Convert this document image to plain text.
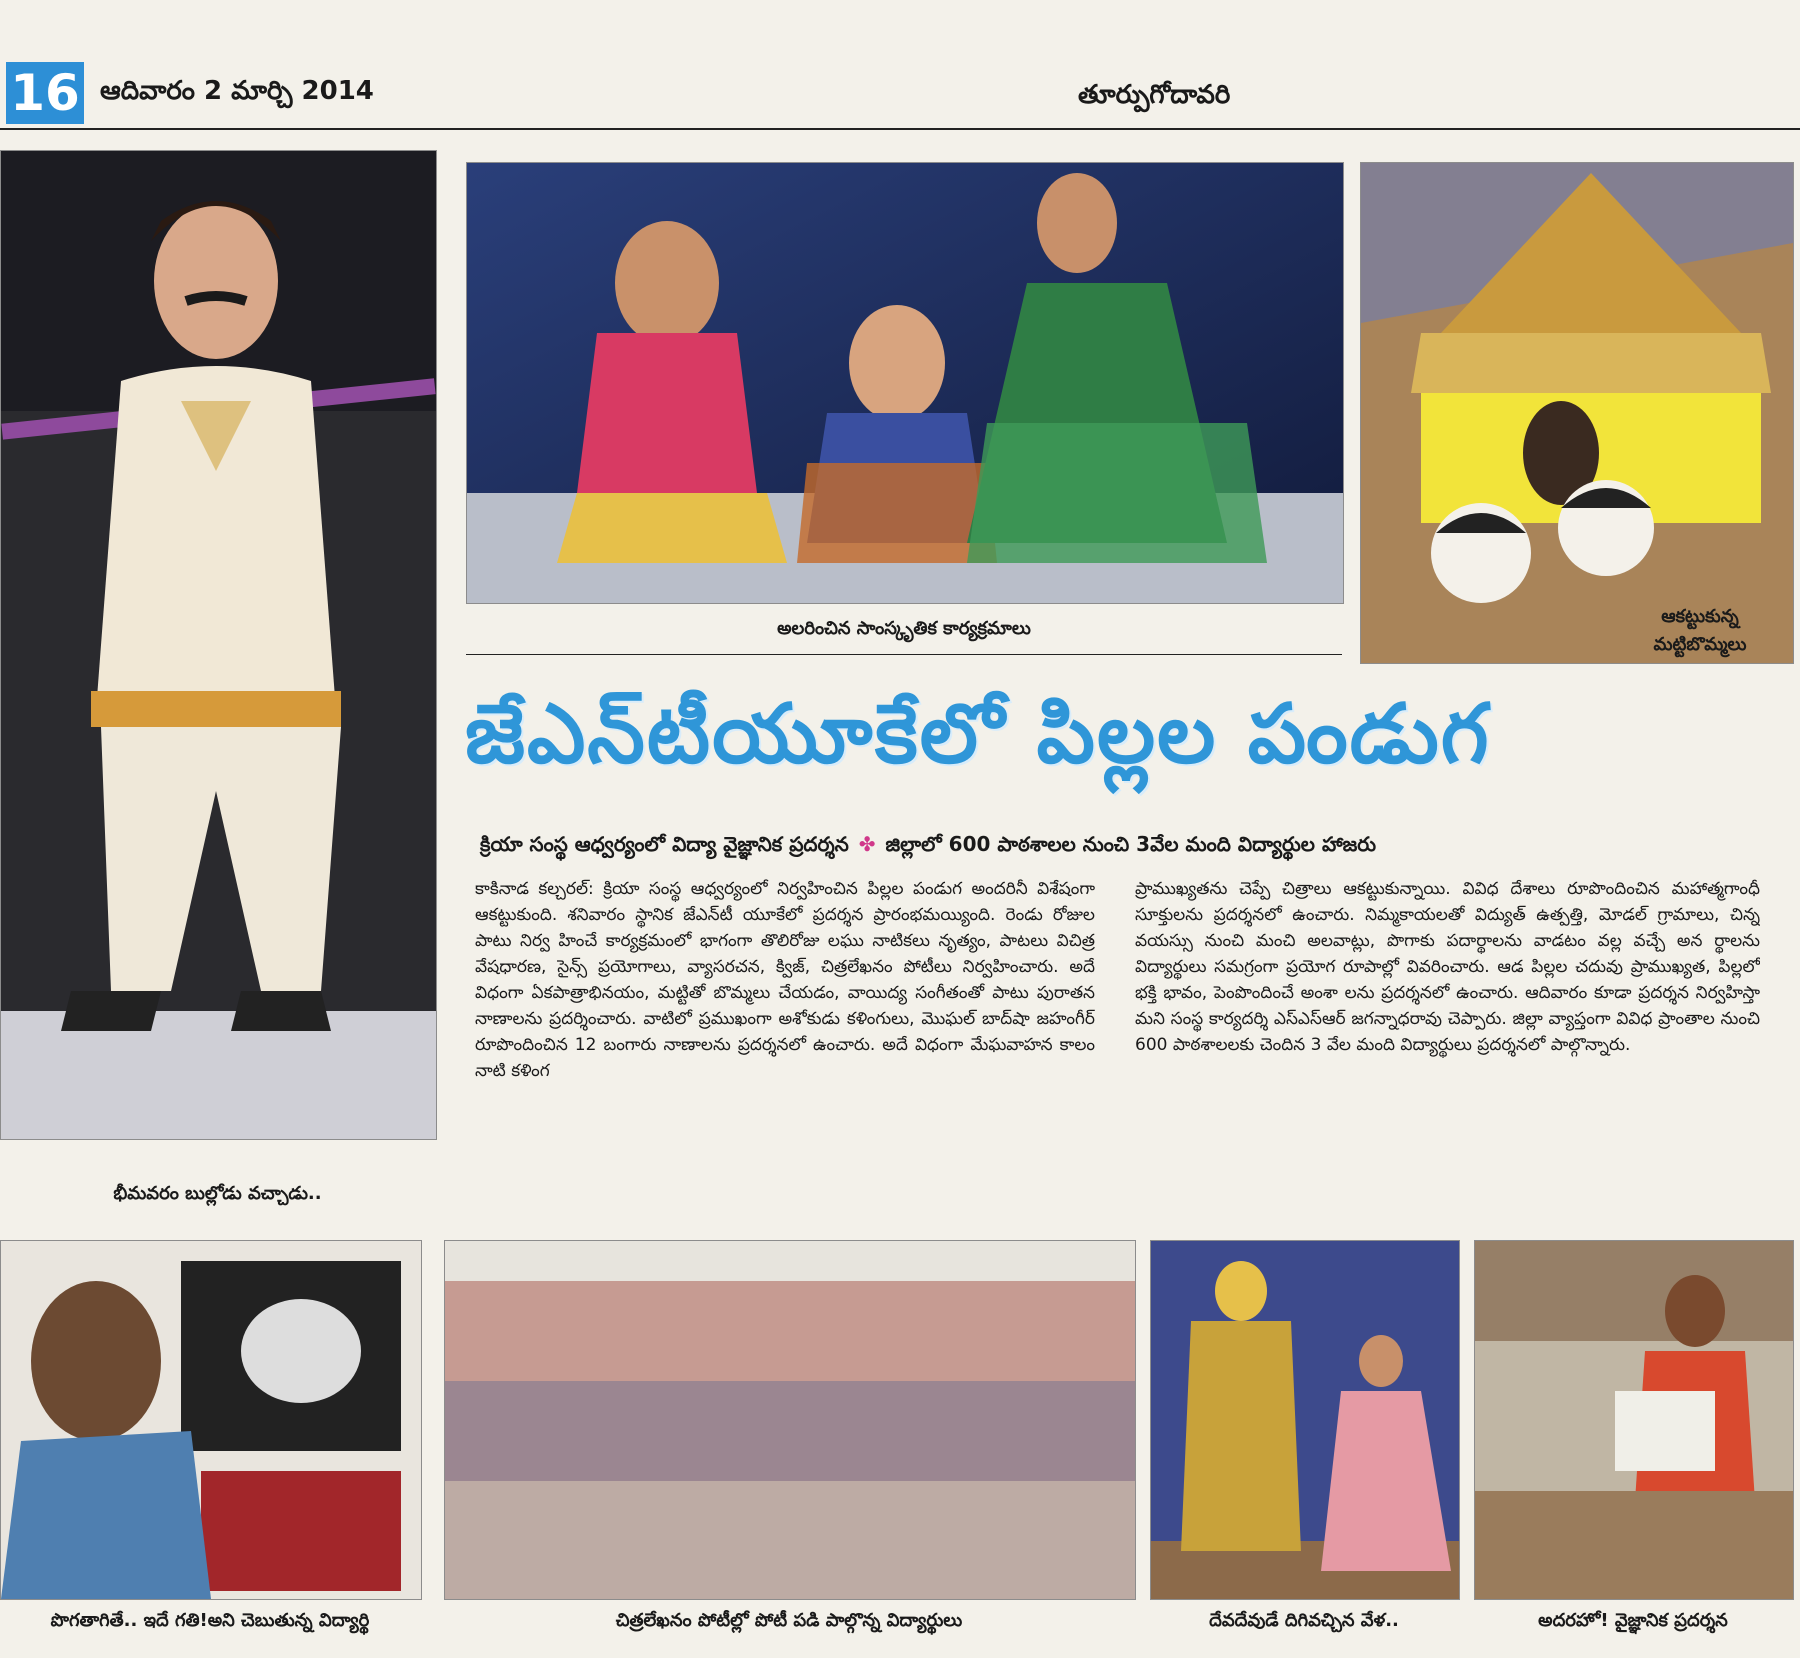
16 ఆదివారం 2 మార్చి 2014	తూర్పుగోదావరి
అలరించిన సాంస్కృతిక కార్యక్రమాలు
ఆకట్టుకున్న
మట్టిబొమ్మలు
జేఎన్‌టీయూకేలో పిల్లల పండుగ
క్రియా సంస్థ ఆధ్వర్యంలో విద్యా వైజ్ఞానిక ప్రదర్శన ✤ జిల్లాలో 600 పాఠశాలల నుంచి 3వేల మంది విద్యార్థుల హాజరు

కాకినాడ కల్చరల్: క్రియా సంస్థ ఆధ్వర్యంలో నిర్వహించిన పిల్లల పండుగ అందరినీ విశేషంగా ఆకట్టుకుంది. శనివారం స్థానిక జేఎన్‌టీ యూకేలో ప్రదర్శన ప్రారంభమయ్యింది. రెండు రోజుల పాటు నిర్వ హించే కార్యక్రమంలో భాగంగా తొలిరోజు లఘు నాటికలు నృత్యం, పాటలు విచిత్ర వేషధారణ, సైన్స్ ప్రయోగాలు, వ్యాసరచన, క్విజ్, చిత్రలేఖనం పోటీలు నిర్వహించారు. అదే విధంగా ఏకపాత్రాభినయం, మట్టితో బొమ్మలు చేయడం, వాయిద్య సంగీతంతో పాటు పురాతన నాణాలను ప్రదర్శించారు. వాటిలో ప్రముఖంగా అశోకుడు కళింగులు, మొఘల్ బాద్‌షా జహంగీర్ రూపొందించిన 12 బంగారు నాణాలను ప్రదర్శనలో ఉంచారు. అదే విధంగా మేఘవాహన కాలం నాటి కళింగ

ప్రాముఖ్యతను చెప్పే చిత్రాలు ఆకట్టుకున్నాయి. వివిధ దేశాలు రూపొందించిన మహాత్మగాంధీ సూక్తులను ప్రదర్శనలో ఉంచారు. నిమ్మకాయలతో విద్యుత్ ఉత్పత్తి, మోడల్ గ్రామాలు, చిన్న వయస్సు నుంచి మంచి అలవాట్లు, పొగాకు పదార్థాలను వాడటం వల్ల వచ్చే అన ర్థాలను విద్యార్థులు సమగ్రంగా ప్రయోగ రూపాల్లో వివరించారు. ఆడ పిల్లల చదువు ప్రాముఖ్యత, పిల్లలో భక్తి భావం, పెంపొందించే అంశా లను ప్రదర్శనలో ఉంచారు. ఆదివారం కూడా ప్రదర్శన నిర్వహిస్తా మని సంస్థ కార్యదర్శి ఎస్ఎస్ఆర్ జగన్నాధరావు చెప్పారు. జిల్లా వ్యాప్తంగా వివిధ ప్రాంతాల నుంచి 600 పాఠశాలలకు చెందిన 3 వేల మంది విద్యార్థులు ప్రదర్శనలో పాల్గొన్నారు.

భీమవరం బుల్లోడు వచ్చాడు..
పొగతాగితే.. ఇదే గతి!అని చెబుతున్న విద్యార్థి	చిత్రలేఖనం పోటీల్లో పోటీ పడి పాల్గొన్న విద్యార్థులు	దేవదేవుడే దిగివచ్చిన వేళ..	అదరహో! వైజ్ఞానిక ప్రదర్శన
